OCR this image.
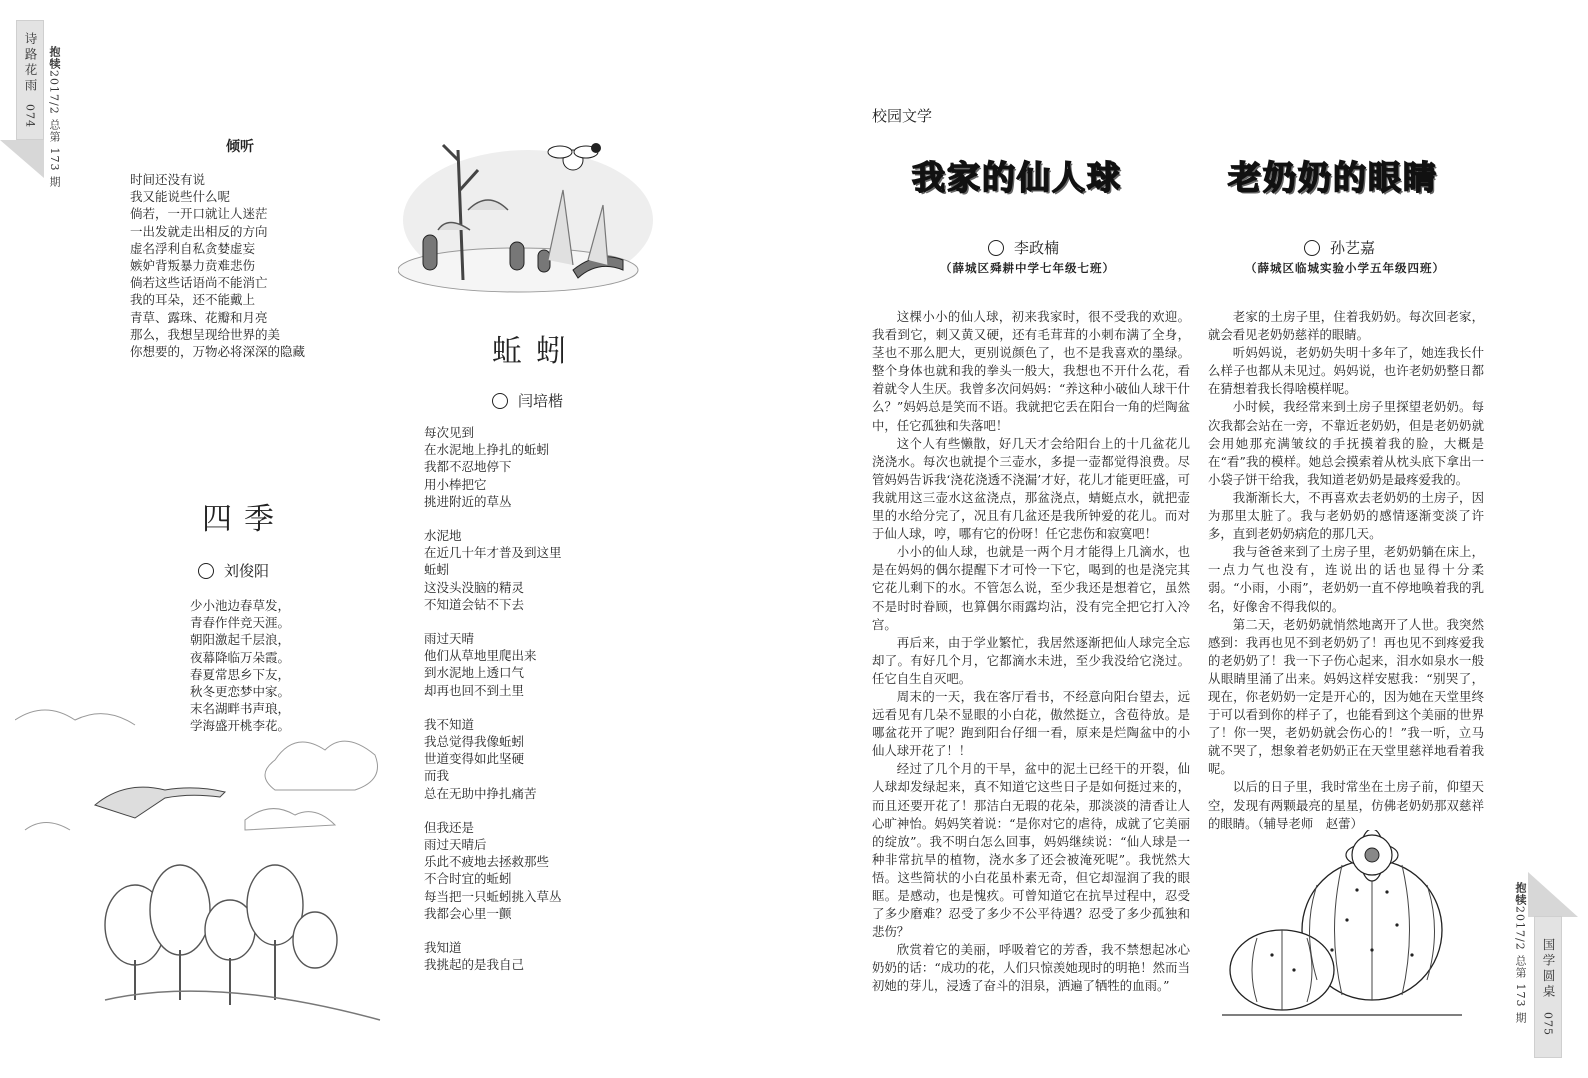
诗路花雨
074
抱犊
2017/2
总第 173 期	倾听
时间还没有说
我又能说些什么呢
倘若，一开口就让人迷茫
一出发就走出相反的方向
虚名浮利自私贪婪虚妄
嫉妒背叛暴力贲难悲伤
倘若这些话语尚不能消亡
我的耳朵，还不能戴上
青草、露珠、花瓣和月亮
那么，我想呈现给世界的美
你想要的，万物必将深深的隐藏
四季
刘俊阳
少小池边春草发，
青春作伴竞天涯。
朝阳激起千层浪，
夜幕降临万朵霞。
春夏常思乡下友，
秋冬更恋梦中家。
末名湖畔书声琅，
学海盛开桃李花。
蚯蚓
闫培楷
每次见到
在水泥地上挣扎的蚯蚓
我都不忍地停下
用小棒把它
挑进附近的草丛
水泥地
在近几十年才普及到这里
蚯蚓
这没头没脑的精灵
不知道会钻不下去
雨过天晴
他们从草地里爬出来
到水泥地上透口气
却再也回不到土里
我不知道
我总觉得我像蚯蚓
世道变得如此坚硬
而我
总在无助中挣扎痛苦
但我还是
雨过天晴后
乐此不疲地去拯救那些
不合时宜的蚯蚓
每当把一只蚯蚓挑入草丛
我都会心里一颤
我知道
我挑起的是我自己
校园文学
我家的仙人球
李政楠
（薛城区舜耕中学七年级七班）
老奶奶的眼睛
孙艺嘉
（薛城区临城实验小学五年级四班）

这棵小小的仙人球，初来我家时，很不受我的欢迎。我看到它，刺又黄又硬，还有毛茸茸的小刺布满了全身，茎也不那么肥大，更别说颜色了，也不是我喜欢的墨绿。整个身体也就和我的拳头一般大，我想也不开什么花，看着就令人生厌。我曾多次问妈妈：“养这种小破仙人球干什么？”妈妈总是笑而不语。我就把它丢在阳台一角的烂陶盆中，任它孤独和失落吧！

这个人有些懒散，好几天才会给阳台上的十几盆花儿浇浇水。每次也就提个三壶水，多提一壶都觉得浪费。尽管妈妈告诉我‘浇花浇透不浇漏’才好，花儿才能更旺盛，可我就用这三壶水这盆浇点，那盆浇点，蜻蜓点水，就把壶里的水给分完了，况且有几盆还是我所钟爱的花儿。而对于仙人球，哼，哪有它的份呀！任它悲伤和寂寞吧！

小小的仙人球，也就是一两个月才能得上几滴水，也是在妈妈的偶尔提醒下才可怜一下它，喝到的也是浇完其它花儿剩下的水。不管怎么说，至少我还是想着它，虽然不是时时眷顾，也算偶尔雨露均沾，没有完全把它打入冷宫。

再后来，由于学业繁忙，我居然逐渐把仙人球完全忘却了。有好几个月，它都滴水未进，至少我没给它浇过。任它自生自灭吧。

周末的一天，我在客厅看书，不经意向阳台望去，远远看见有几朵不显眼的小白花，傲然挺立，含苞待放。是哪盆花开了呢？跑到阳台仔细一看，原来是烂陶盆中的小仙人球开花了！！

经过了几个月的干旱，盆中的泥土已经干的开裂，仙人球却发绿起来，真不知道它这些日子是如何挺过来的，而且还要开花了！那洁白无瑕的花朵，那淡淡的清香让人心旷神怡。妈妈笑着说：“是你对它的虐待，成就了它美丽的绽放”。我不明白怎么回事，妈妈继续说：“仙人球是一种非常抗旱的植物，浇水多了还会被淹死呢”。我恍然大悟。这些简状的小白花虽朴素无奇，但它却湿润了我的眼眶。是感动，也是愧疚。可曾知道它在抗旱过程中，忍受了多少磨难？忍受了多少不公平待遇？忍受了多少孤独和悲伤？

欣赏着它的美丽，呼吸着它的芳香，我不禁想起冰心奶奶的话：“成功的花，人们只惊羡她现时的明艳！然而当初她的芽儿，浸透了奋斗的泪泉，洒遍了牺牲的血雨。”

老家的土房子里，住着我奶奶。每次回老家，就会看见老奶奶慈祥的眼睛。

听妈妈说，老奶奶失明十多年了，她连我长什么样子也都从未见过。妈妈说，也许老奶奶整日都在猜想着我长得啥模样呢。

小时候，我经常来到土房子里探望老奶奶。每次我都会站在一旁，不靠近老奶奶，但是老奶奶就会用她那充满皱纹的手抚摸着我的脸，大概是在“看”我的模样。她总会摸索着从枕头底下拿出一小袋子饼干给我，我知道老奶奶是最疼爱我的。

我渐渐长大，不再喜欢去老奶奶的土房子，因为那里太脏了。我与老奶奶的感情逐渐变淡了许多，直到老奶奶病危的那几天。

我与爸爸来到了土房子里，老奶奶躺在床上，一点力气也没有，连说出的话也显得十分柔弱。“小雨，小雨”，老奶奶一直不停地唤着我的乳名，好像舍不得我似的。

第二天，老奶奶就悄然地离开了人世。我突然感到：我再也见不到老奶奶了！再也见不到疼爱我的老奶奶了！我一下子伤心起来，泪水如泉水一般从眼睛里涌了出来。妈妈这样安慰我：“别哭了，现在，你老奶奶一定是开心的，因为她在天堂里终于可以看到你的样子了，也能看到这个美丽的世界了！你一哭，老奶奶就会伤心的！”我一听，立马就不哭了，想象着老奶奶正在天堂里慈祥地看着我呢。

以后的日子里，我时常坐在土房子前，仰望天空，发现有两颗最亮的星星，仿佛老奶奶那双慈祥的眼睛。（辅导老师　赵蕾）

抱犊
2017/2
总第 173 期 国学圆桌
075
